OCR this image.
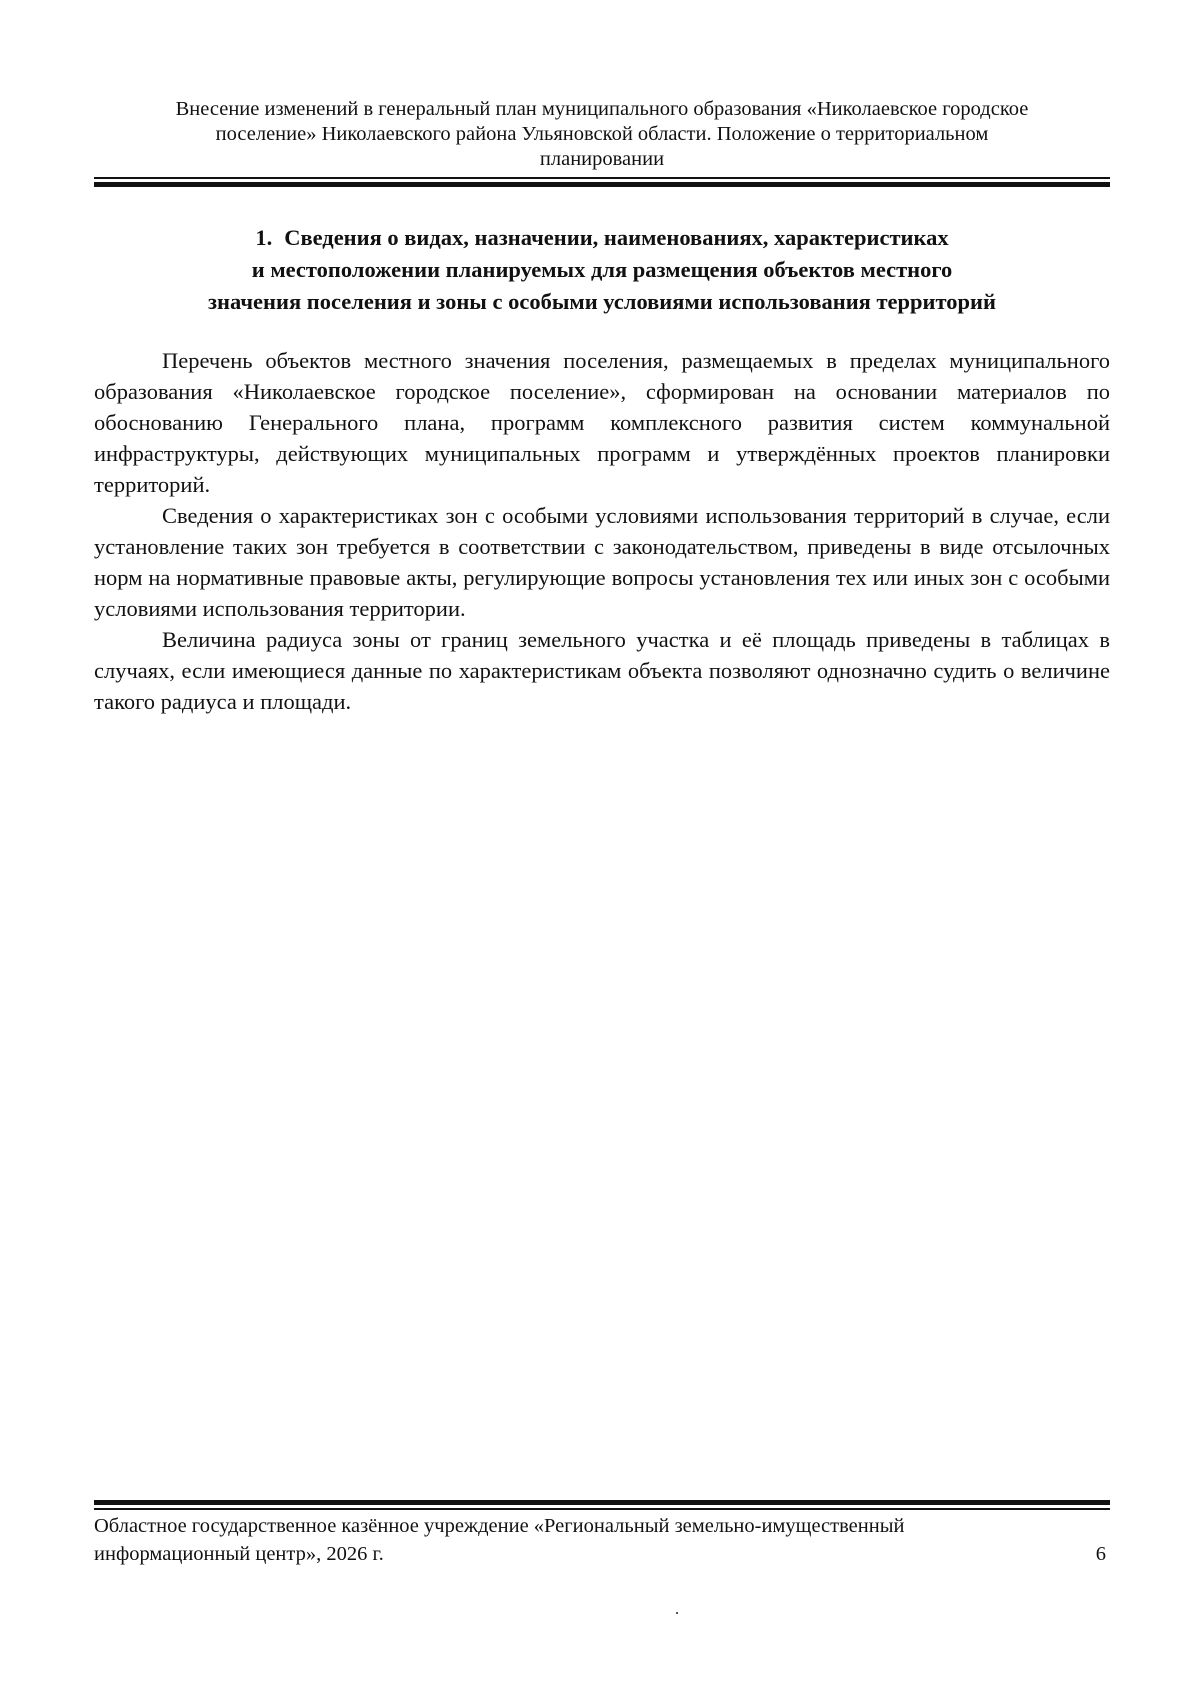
Внесение изменений в генеральный план муниципального образования «Николаевское городское
поселение» Николаевского района Ульяновской области. Положение о территориальном
планировании
1. Сведения о видах, назначении, наименованиях, характеристиках
и местоположении планируемых для размещения объектов местного
значения поселения и зоны с особыми условиями использования территорий

Перечень объектов местного значения поселения, размещаемых в пределах муниципального образования «Николаевское городское поселение», сформирован на основании материалов по обоснованию Генерального плана, программ комплексного развития систем коммунальной инфраструктуры, действующих муниципальных программ и утверждённых проектов планировки территорий.

Сведения о характеристиках зон с особыми условиями использования территорий в случае, если установление таких зон требуется в соответствии с законодательством, приведены в виде отсылочных норм на нормативные правовые акты, регулирующие вопросы установления тех или иных зон с особыми условиями использования территории.

Величина радиуса зоны от границ земельного участка и её площадь приведены в таблицах в случаях, если имеющиеся данные по характеристикам объекта позволяют однозначно судить о величине такого радиуса и площади.

Областное государственное казённое учреждение «Региональный земельно-имущественный
информационный центр», 2026 г.	6
